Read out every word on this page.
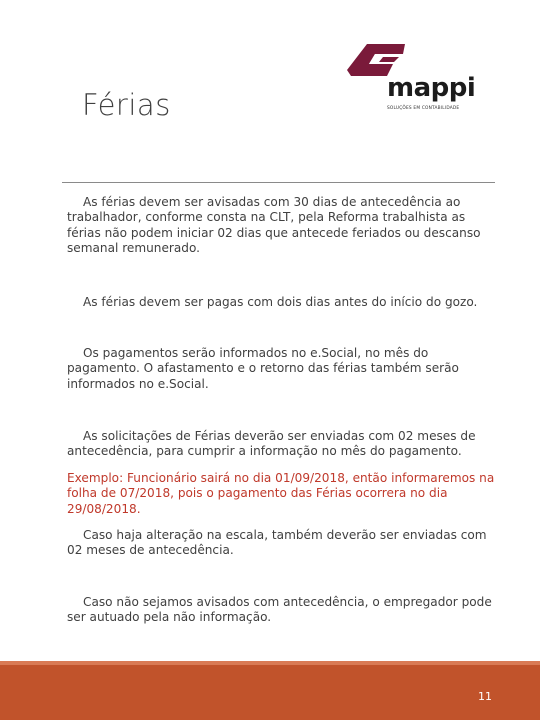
Férias	mappi
SOLUÇÕES EM CONTABILIDADE

As férias devem ser avisadas com 30 dias de antecedência ao trabalhador, conforme consta na CLT, pela Reforma trabalhista as férias não podem iniciar 02 dias que antecede feriados ou descanso semanal remunerado.

As férias devem ser pagas com dois dias antes do início do gozo.

Os pagamentos serão informados no e.Social, no mês do pagamento. O afastamento e o retorno das férias também serão informados no e.Social.

As solicitações de Férias deverão ser enviadas com 02 meses de antecedência, para cumprir a informação no mês do pagamento.

Exemplo: Funcionário sairá no dia 01/09/2018, então informaremos na folha de 07/2018, pois o pagamento das Férias ocorrera no dia 29/08/2018.

Caso haja alteração na escala, também deverão ser enviadas com 02 meses de antecedência.

Caso não sejamos avisados com antecedência, o empregador pode ser autuado pela não informação.

11
